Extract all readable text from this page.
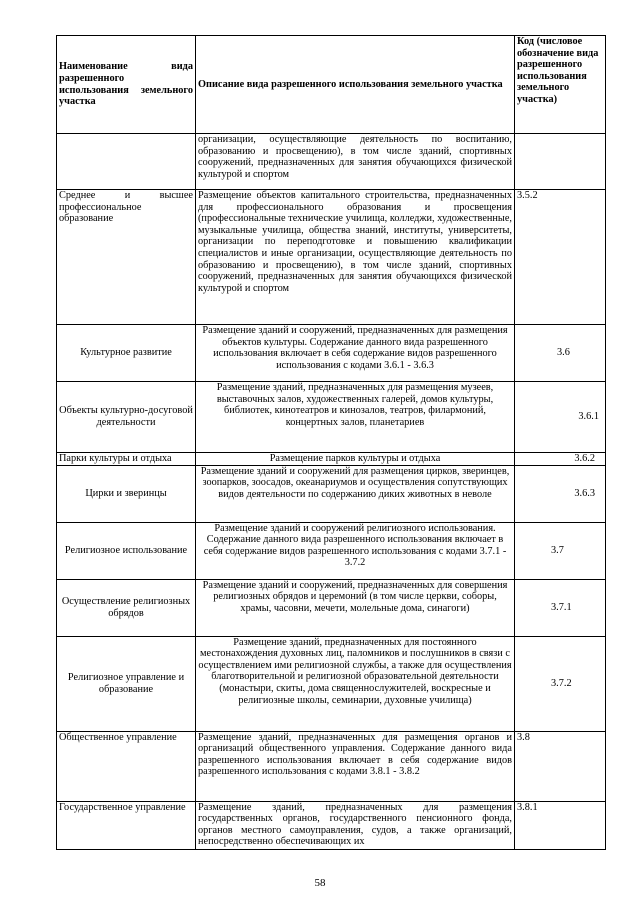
Наименование вида разрешенного использования земельного участка	Описание вида разрешенного использования земельного участка	Код (числовое обозначение вида разрешенного использования земельного участка)
	организации, осуществляющие деятельность по воспитанию, образованию и просвещению), в том числе зданий, спортивных сооружений, предназначенных для занятия обучающихся физической культурой и спортом	
Среднее и высшее профессиональное образование	Размещение объектов капитального строительства, предназначенных для профессионального образования и просвещения (профессиональные технические училища, колледжи, художественные, музыкальные училища, общества знаний, институты, университеты, организации по переподготовке и повышению квалификации специалистов и иные организации, осуществляющие деятельность по образованию и просвещению), в том числе зданий, спортивных сооружений, предназначенных для занятия обучающихся физической культурой и спортом	3.5.2
Культурное развитие	Размещение зданий и сооружений, предназначенных для размещения объектов культуры. Содержание данного вида разрешенного использования включает в себя содержание видов разрешенного использования с кодами 3.6.1 - 3.6.3	3.6
Объекты культурно-досуговой деятельности	Размещение зданий, предназначенных для размещения музеев, выставочных залов, художественных галерей, домов культуры, библиотек, кинотеатров и кинозалов, театров, филармоний, концертных залов, планетариев	3.6.1
Парки культуры и отдыха	Размещение парков культуры и отдыха	3.6.2
Цирки и зверинцы	Размещение зданий и сооружений для размещения цирков, зверинцев, зоопарков, зоосадов, океанариумов и осуществления сопутствующих видов деятельности по содержанию диких животных в неволе	3.6.3
Религиозное использование	Размещение зданий и сооружений религиозного использования. Содержание данного вида разрешенного использования включает в себя содержание видов разрешенного использования с кодами 3.7.1 - 3.7.2	3.7
Осуществление религиозных обрядов	Размещение зданий и сооружений, предназначенных для совершения религиозных обрядов и церемоний (в том числе церкви, соборы, храмы, часовни, мечети, молельные дома, синагоги)	3.7.1
Религиозное управление и образование	Размещение зданий, предназначенных для постоянного местонахождения духовных лиц, паломников и послушников в связи с осуществлением ими религиозной службы, а также для осуществления благотворительной и религиозной образовательной деятельности (монастыри, скиты, дома священнослужителей, воскресные и религиозные школы, семинарии, духовные училища)	3.7.2
Общественное управление	Размещение зданий, предназначенных для размещения органов и организаций общественного управления. Содержание данного вида разрешенного использования включает в себя содержание видов разрешенного использования с кодами 3.8.1 - 3.8.2	3.8
Государственное управление	Размещение зданий, предназначенных для размещения государственных органов, государственного пенсионного фонда, органов местного самоуправления, судов, а также организаций, непосредственно обеспечивающих их	3.8.1
58
